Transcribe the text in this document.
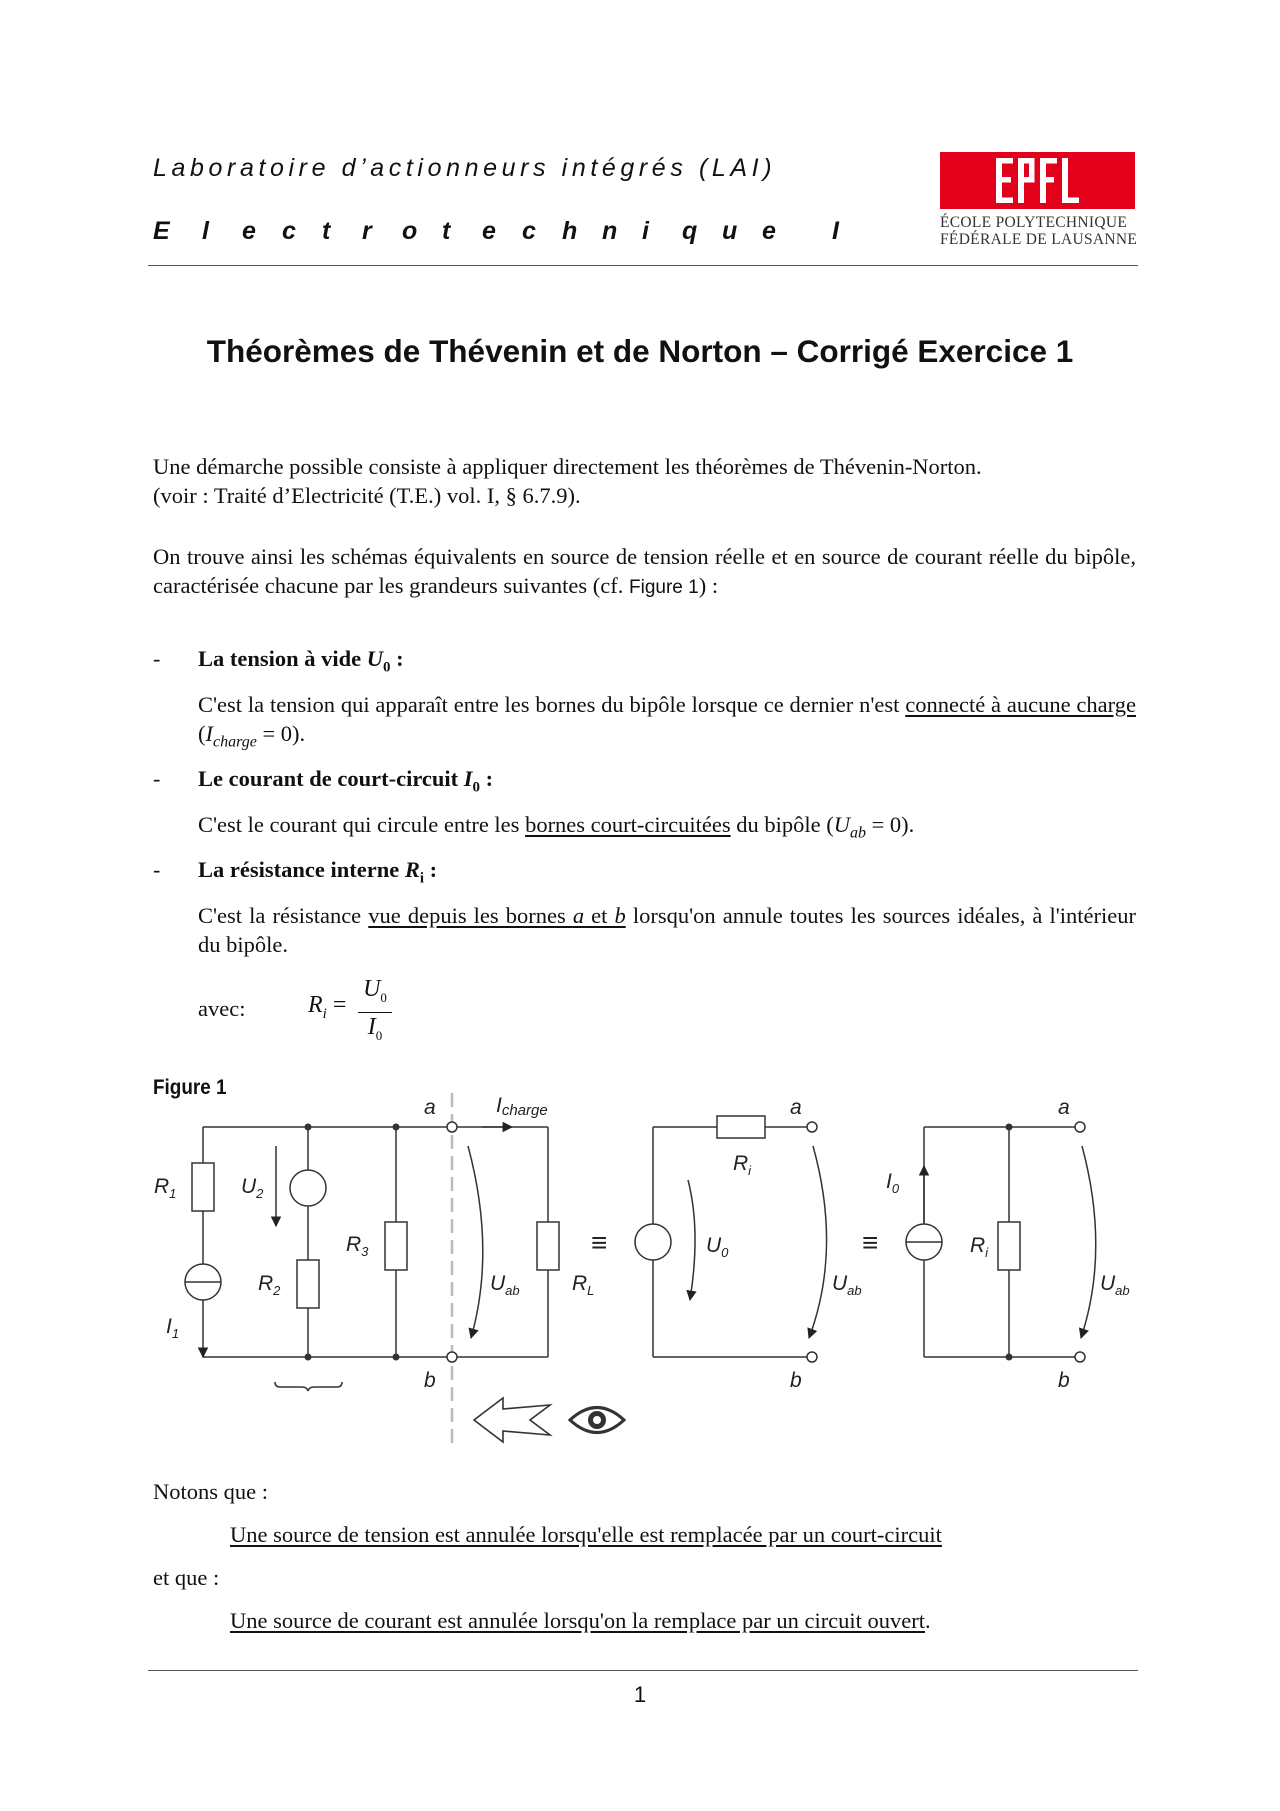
Laboratoire d’actionneurs intégrés (LAI)
E l e c t r o t e c h n i q u e I	ÉCOLE POLYTECHNIQUE
FÉDÉRALE DE LAUSANNE
Théorèmes de Thévenin et de Norton – Corrigé Exercice 1
Une démarche possible consiste à appliquer directement les théorèmes de Thévenin-Norton.
(voir : Traité d’Electricité (T.E.) vol. I, § 6.7.9).
On trouve ainsi les schémas équivalents en source de tension réelle et en source de courant réelle du bipôle, caractérisée chacune par les grandeurs suivantes (cf. Figure 1) :
- La tension à vide $U_0$ :
C'est la tension qui apparaît entre les bornes du bipôle lorsque ce dernier n'est connecté à aucune charge $(I_{charge} = 0)$.
- Le courant de court-circuit $I_0$ :
C'est le courant qui circule entre les bornes court-circuitées du bipôle $(U_{ab} = 0)$.
- La résistance interne $R_i$ :
C'est la résistance vue depuis les bornes a et b lorsqu'on annule toutes les sources idéales, à l'intérieur du bipôle.
avec:	$R_i$ =
$U_0$
$I_0$
Figure 1
$R_1$	$U_2$
$I_1$
$R_2$
$R_3$
a
b
Icharge
$U_{ab}$ $R_L$
≡
a
b
$R_i$
$U_0$
$U_{ab}$
≡
$I_0$
$R_i$
a
b
$U_{ab}$
Notons que :
Une source de tension est annulée lorsqu'elle est remplacée par un court-circuit
et que :
Une source de courant est annulée lorsqu'on la remplace par un circuit ouvert.
1
